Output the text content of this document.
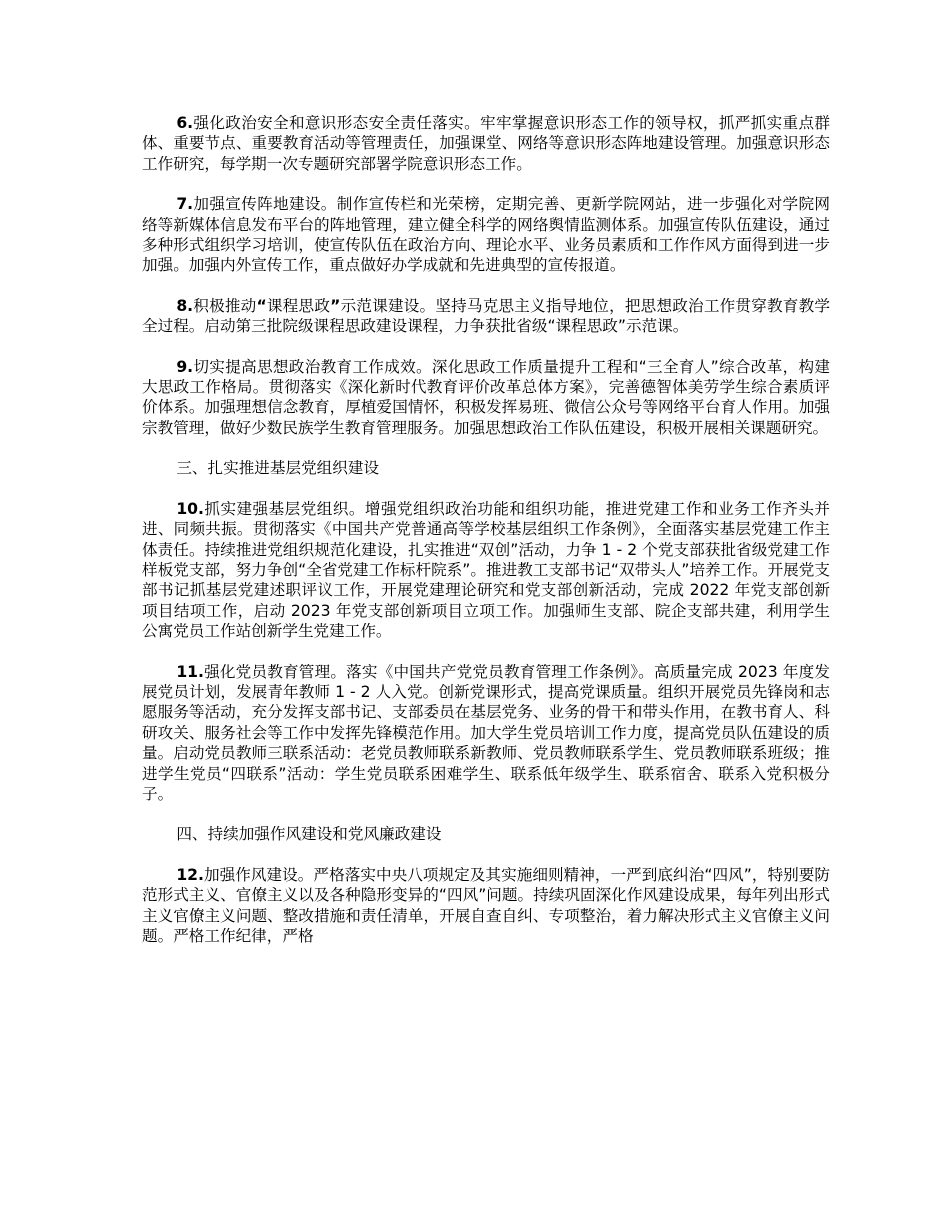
6.强化政治安全和意识形态安全责任落实。牢牢掌握意识形态工作的领导权，抓严抓实重点群体、重要节点、重要教育活动等管理责任，加强课堂、网络等意识形态阵地建设管理。加强意识形态工作研究，每学期一次专题研究部署学院意识形态工作。

7.加强宣传阵地建设。制作宣传栏和光荣榜，定期完善、更新学院网站，进一步强化对学院网络等新媒体信息发布平台的阵地管理，建立健全科学的网络舆情监测体系。加强宣传队伍建设，通过多种形式组织学习培训，使宣传队伍在政治方向、理论水平、业务员素质和工作作风方面得到进一步加强。加强内外宣传工作，重点做好办学成就和先进典型的宣传报道。

8.积极推动“课程思政”示范课建设。坚持马克思主义指导地位，把思想政治工作贯穿教育教学全过程。启动第三批院级课程思政建设课程，力争获批省级“课程思政”示范课。

9.切实提高思想政治教育工作成效。深化思政工作质量提升工程和“三全育人”综合改革，构建大思政工作格局。贯彻落实《深化新时代教育评价改革总体方案》，完善德智体美劳学生综合素质评价体系。加强理想信念教育，厚植爱国情怀，积极发挥易班、微信公众号等网络平台育人作用。加强宗教管理，做好少数民族学生教育管理服务。加强思想政治工作队伍建设，积极开展相关课题研究。

三、扎实推进基层党组织建设

10.抓实建强基层党组织。增强党组织政治功能和组织功能，推进党建工作和业务工作齐头并进、同频共振。贯彻落实《中国共产党普通高等学校基层组织工作条例》，全面落实基层党建工作主体责任。持续推进党组织规范化建设，扎实推进“双创”活动，力争 1 - 2 个党支部获批省级党建工作样板党支部，努力争创“全省党建工作标杆院系”。推进教工支部书记“双带头人”培养工作。开展党支部书记抓基层党建述职评议工作，开展党建理论研究和党支部创新活动，完成 2022 年党支部创新项目结项工作，启动 2023 年党支部创新项目立项工作。加强师生支部、院企支部共建，利用学生公寓党员工作站创新学生党建工作。

11.强化党员教育管理。落实《中国共产党党员教育管理工作条例》。高质量完成 2023 年度发展党员计划，发展青年教师 1 - 2 人入党。创新党课形式，提高党课质量。组织开展党员先锋岗和志愿服务等活动，充分发挥支部书记、支部委员在基层党务、业务的骨干和带头作用，在教书育人、科研攻关、服务社会等工作中发挥先锋模范作用。加大学生党员培训工作力度，提高党员队伍建设的质量。启动党员教师三联系活动：老党员教师联系新教师、党员教师联系学生、党员教师联系班级；推进学生党员“四联系”活动：学生党员联系困难学生、联系低年级学生、联系宿舍、联系入党积极分子。

四、持续加强作风建设和党风廉政建设

12.加强作风建设。严格落实中央八项规定及其实施细则精神，一严到底纠治“四风”，特别要防范形式主义、官僚主义以及各种隐形变异的“四风”问题。持续巩固深化作风建设成果，每年列出形式主义官僚主义问题、整改措施和责任清单，开展自查自纠、专项整治，着力解决形式主义官僚主义问题。严格工作纪律，严格
